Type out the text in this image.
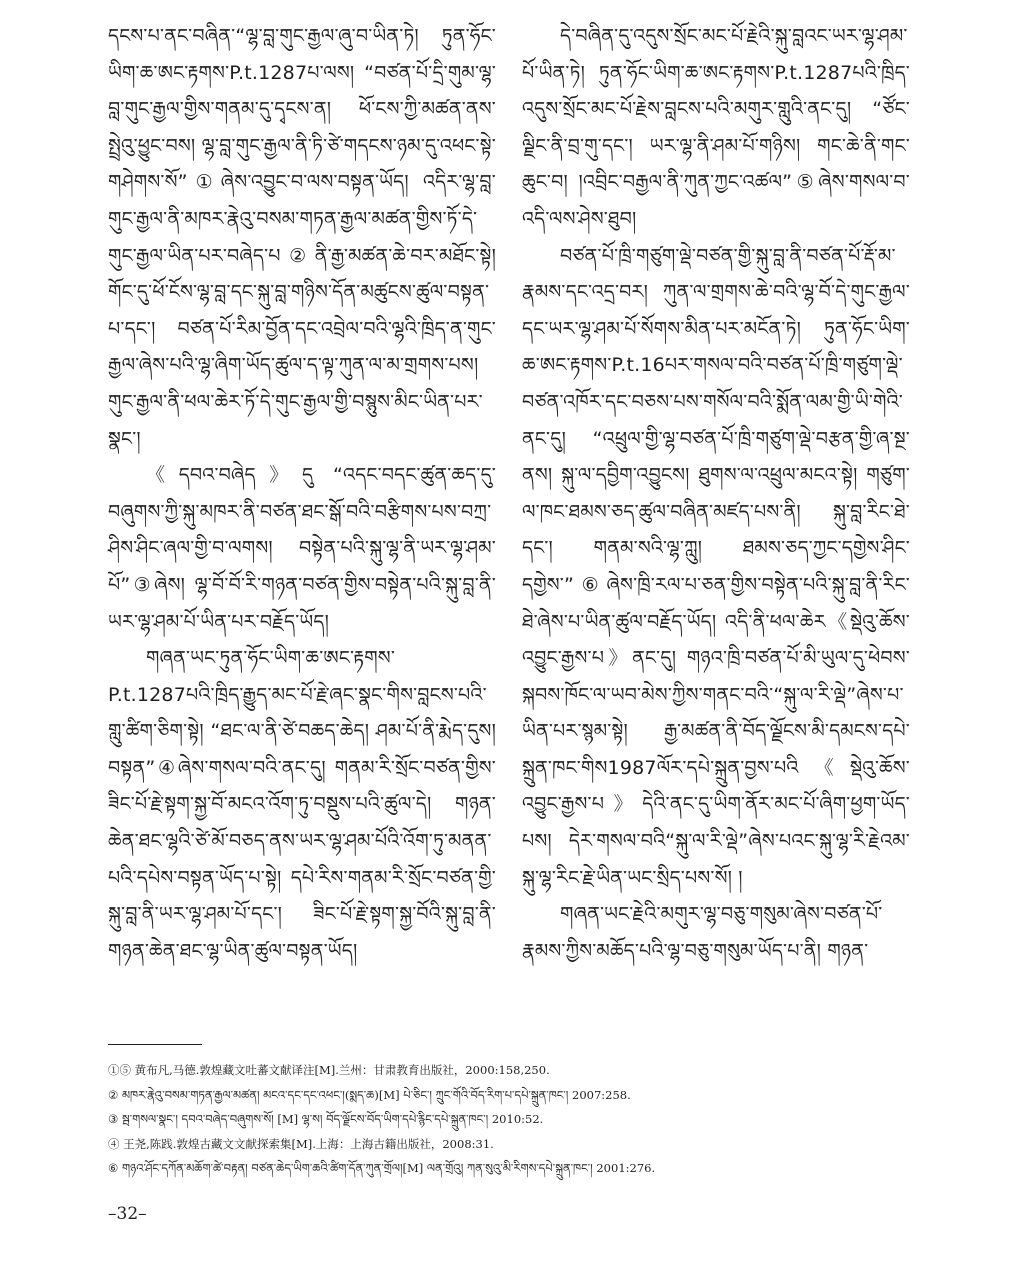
དངས་པ་ནང་བཞིན་“ལྷ་བླ་གུང་རྒྱལ་ཞུ་བ་ཡིན་ཏེ། ཏུན་ཧོང་ཡིག་ཆ་ཨང་རྟགས་P.t.1287པ་ལས། “བཙན་པོ་དྲི་གུམ་ལྷ་བླ་གུང་རྒྱལ་གྱིས་གནམ་དུ་དྭངས་ན། ཕོ་ངས་ཀྱི་མཚན་ནས་སྤྲེའུ་ཕྱུང་བས། ལྷ་བླ་གུང་རྒྱལ་ནི་ཏི་ཙེ་གདངས་ཉམ་དུ་འཕང་སྟེ་གཤེགས་སོ”①ཞེས་འབྱུང་བ་ལས་བསྟན་ཡོད། འདིར་ལྷ་བླ་གུང་རྒྱལ་ནི་མཁར་རྣེའུ་བསམ་གཏན་རྒྱལ་མཚན་གྱིས་ཏོ་དེ་གུང་རྒྱལ་ཡིན་པར་བཞེད་པ②ནི་རྒྱ་མཚན་ཆེ་བར་མཐོང་སྟེ། གོང་དུ་ཕོ་ངོས་ལྷ་བླ་དང་སྐུ་བླ་གཉིས་དོན་མཚུངས་ཚུལ་བསྟན་པ་དང་། བཙན་པོ་རིམ་བྱོན་དང་འབྲེལ་བའི་ལྷའི་ཁྲིད་ན་གུང་རྒྱལ་ཞེས་པའི་ལྷ་ཞིག་ཡོད་ཚུལ་ད་ལྟ་ཀུན་ལ་མ་གྲགས་པས། གུང་རྒྱལ་ནི་ཕལ་ཆེར་ཏོ་དེ་གུང་རྒྱལ་གྱི་བསྙུས་མིང་ཡིན་པར་སྣང་།

《དབའ་བཞེད》དུ “འདང་བདང་ཚུན་ཆད་དུ་བཞུགས་ཀྱི་སྐུ་མཁར་ནི་བཙན་ཐང་སྒོ་བའི་བརྩིགས་པས་བཀྲ་ཤིས་ཤིང་ཞལ་གྱི་བ་ལགས། བསྟེན་པའི་སྐུ་ལྷ་ནི་ཡར་ལྷ་ཤམ་པོ”③ཞེས། ལྷ་བོ་བོ་རི་གཉན་བཙན་གྱིས་བསྟེན་པའི་སྐུ་བླ་ནི་ཡར་ལྷ་ཤམ་པོ་ཡིན་པར་བརྗོད་ཡོད།

གཞན་ཡང་ཏུན་ཧོང་ཡིག་ཆ་ཨང་རྟགས་P.t.1287པའི་ཁྲིད་རྒྱུད་མང་པོ་རྗེ་ཞང་སྣང་གིས་བླངས་པའི་གླུ་ཚིག་ཅིག་སྟེ། “ཐང་ལ་ནི་ཙེ་བཆད་ཆེད། ཤམ་པོ་ནི་རྨེད་དུས། བསྟན”④ཞེས་གསལ་བའི་ནང་དུ། གནམ་རི་སྲོང་བཙན་གྱིས་ཟིང་པོ་རྗེ་སྟག་སྐྱ་བོ་མངའ་འོག་ཏུ་བསྡུས་པའི་ཚུལ་དེ། གཉན་ཆེན་ཐང་ལྷའི་ཙེ་མོ་བཅད་ནས་ཡར་ལྷ་ཤམ་པོའི་འོག་ཏུ་མནན་པའི་དཔེས་བསྟན་ཡོད་པ་སྟེ། དཔེ་རིས་གནམ་རི་སྲོང་བཙན་གྱི་སྐུ་བླ་ནི་ཡར་ལྷ་ཤམ་པོ་དང་། ཟིང་པོ་རྗེ་སྟག་སྐྱ་བོའི་སྐུ་བླ་ནི་གཉན་ཆེན་ཐང་ལྷ་ཡིན་ཚུལ་བསྟན་ཡོད།

དེ་བཞིན་དུ་འདུས་སྲོང་མང་པོ་རྗེའི་སྐུ་བླའང་ཡར་ལྷ་ཤམ་པོ་ཡིན་ཏེ། ཏུན་ཧོང་ཡིག་ཆ་ཨང་རྟགས་P.t.1287པའི་ཁྲིད་འདུས་སྲོང་མང་པོ་རྗེས་བླངས་པའི་མགུར་གླུའི་ནང་དུ། “ཙོང་ལྗིང་ནི་བྲ་གུ་དང་། ཡར་ལྷ་ནི་ཤམ་པོ་གཉིས། གང་ཆེ་ནི་གང་ཆུང་བ། །འབྲིང་བརྒྱལ་ནི་ཀུན་ཀྱང་འཚལ”⑤ཞེས་གསལ་བ་འདི་ལས་ཤེས་ཐུབ།

བཙན་པོ་ཁྲི་གཙུག་ལྡེ་བཙན་གྱི་སྐུ་བླ་ནི་བཙན་པོ་རྡོ་མ་རྣམས་དང་འདྲ་བར། ཀུན་ལ་གྲགས་ཆེ་བའི་ལྷ་བོ་དེ་གུང་རྒྱལ་དང་ཡར་ལྷ་ཤམ་པོ་སོགས་མིན་པར་མངོན་ཏེ། ཏུན་ཧོང་ཡིག་ཆ་ཨང་རྟགས་P.t.16པར་གསལ་བའི་བཙན་པོ་ཁྲི་གཙུག་ལྡེ་བཙན་འཁོར་དང་བཅས་པས་གསོལ་བའི་སྨོན་ལམ་གྱི་ཡི་གེའི་ནང་དུ། “འཕྲུལ་གྱི་ལྷ་བཙན་པོ་ཁྲི་གཙུག་ལྡེ་བརྩན་གྱི་ཞ་སྔ་ནས། སྐུ་ལ་དབྱིག་འབྱུངས། ཐུགས་ལ་འཕྲུལ་མངའ་སྟེ། གཙུག་ལ་ཁང་ཐམས་ཅད་ཚུལ་བཞིན་མཛད་པས་ནི། སྐུ་བླ་རིང་ཐེ་དང་། གནམ་སའི་ལྷ་ཀླུ། ཐམས་ཅད་ཀྱང་དགྱེས་ཤིང་དགྱེས་”⑥ཞེས་ཁྲི་རལ་པ་ཅན་གྱིས་བསྟེན་པའི་སྐུ་བླ་ནི་རིང་ཐེ་ཞེས་པ་ཡིན་ཚུལ་བརྗོད་ཡོད། འདི་ནི་ཕལ་ཆེར《སྡེའུ་ཆོས་འབྱུང་རྒྱས་པ》ནང་དུ། གཉའ་ཁྲི་བཙན་པོ་མི་ཡུལ་དུ་ཕེབས་སྐབས་ཁོང་ལ་ཡབ་མེས་ཀྱིས་གནང་བའི་“སྐུ་ལ་རི་ལྡེ”ཞེས་པ་ཡིན་པར་སྙམ་སྟེ། རྒྱ་མཚན་ནི་བོད་ལྗོངས་མི་དམངས་དཔེ་སྐྲུན་ཁང་གིས1987ལོར་དཔེ་སྐྲུན་བྱས་པའི《སྡེའུ་ཆོས་འབྱུང་རྒྱས་པ》དེའི་ནང་དུ་ཡིག་ནོར་མང་པོ་ཞིག་ཕྱག་ཡོད་པས། དེར་གསལ་བའི“སྐུ་ལ་རི་ལྡེ”ཞེས་པའང་སྐུ་ལྷ་རི་རྗེའམ་སྐུ་ལྷ་རིང་རྗེ་ཡིན་ཡང་སྲིད་པས་སོ། །

གཞན་ཡང་རྗེའི་མགུར་ལྷ་བཅུ་གསུམ་ཞེས་བཙན་པོ་རྣམས་ཀྱིས་མཆོད་པའི་ལྷ་བཅུ་གསུམ་ཡོད་པ་ནི། གཉན་

①⑤ 黄布凡,马德.敦煌藏文吐蕃文献译注[M].兰州：甘肃教育出版社，2000:158,250.
② མཁར་རྣེའུ་བསམ་གཏན་རྒྱལ་མཚན། མངའ་དང་དང་འཕང་།(སྨད་ཆ)[M] པེ་ཅིང་། ཀྲུང་གོའི་བོད་རིག་པ་དཔེ་སྐྲུན་ཁང་། 2007:258.
③ སྦ་གསལ་སྣང་། དབའ་བཞེད་བཞུགས་སོ། [M] ལྷ་ས། བོད་ལྗོངས་བོད་ཡིག་དཔེ་རྙིང་དཔེ་སྐྲུན་ཁང་། 2010:52.
④ 王尧,陈践.敦煌古藏文文献探索集[M].上海：上海古籍出版社，2008:31.
⑥ གཉའ་ཤོང་དཀོན་མཆོག་ཚེ་བརྟན། བཙན་ཆེད་ཡིག་ཆའི་ཚིག་དོན་ཀུན་གྲོལ།[M] ལན་གྲོའུ། ཀན་སུའུ་མི་རིགས་དཔེ་སྐྲུན་ཁང་། 2001:276.
–32–
